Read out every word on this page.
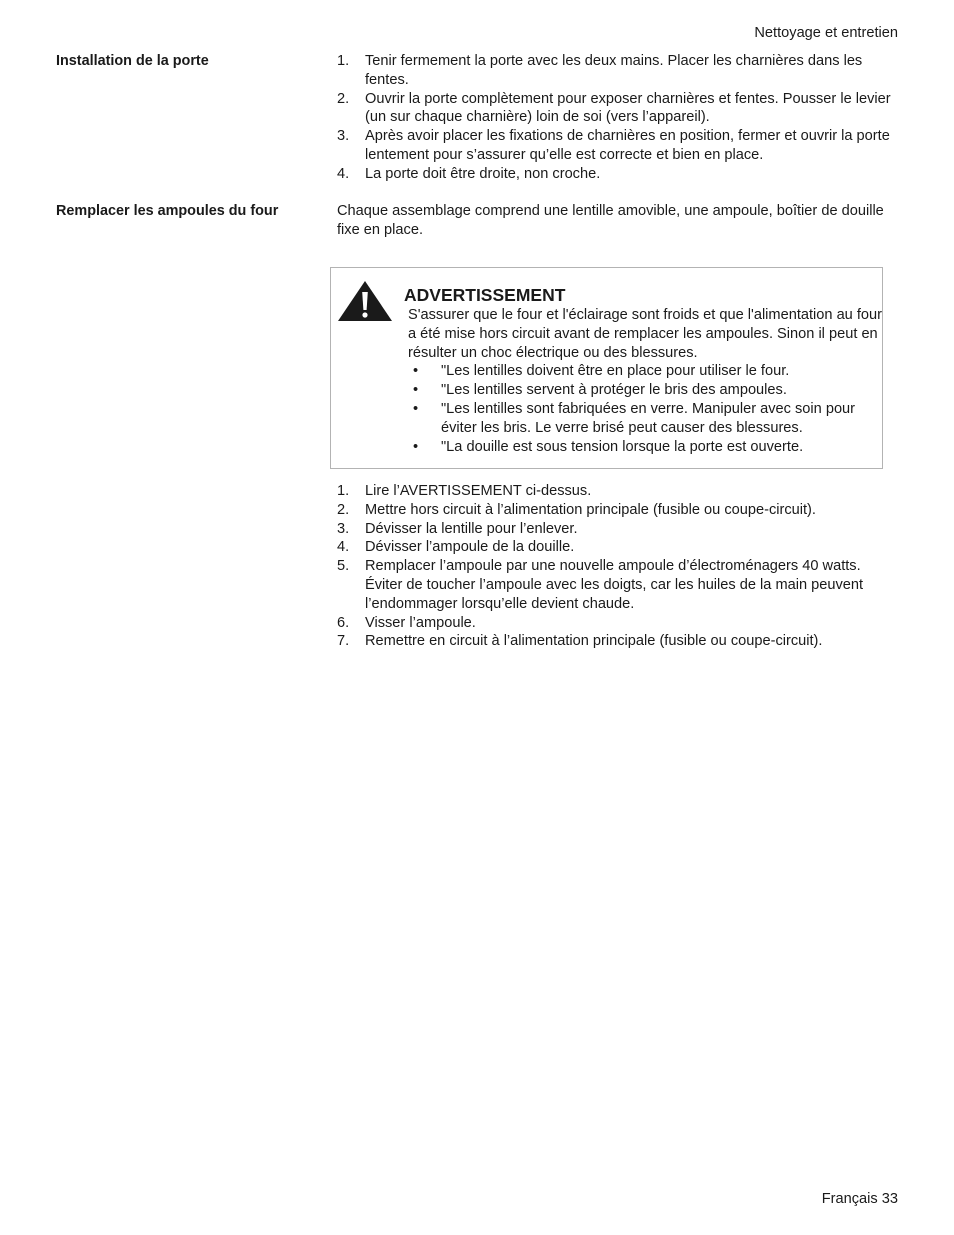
Nettoyage et entretien
Installation de la porte	1. Tenir fermement la porte avec les deux mains. Placer les charnières dans les fentes.
2. Ouvrir la porte complètement pour exposer charnières et fentes. Pousser le levier (un sur chaque charnière) loin de soi (vers l’appareil).
3. Après avoir placer les fixations de charnières en position, fermer et ouvrir la porte lentement pour s’assurer qu’elle est correcte et bien en place.
4. La porte doit être droite, non croche.
Remplacer les ampoules du four	Chaque assemblage comprend une lentille amovible, une ampoule, boîtier de douille fixe en place.

ADVERTISSEMENT

S'assurer que le four et l'éclairage sont froids et que l'alimentation au four a été mise hors circuit avant de remplacer les ampoules. Sinon il peut en résulter un choc électrique ou des blessures.

• "Les lentilles doivent être en place pour utiliser le four.
• "Les lentilles servent à protéger le bris des ampoules.
• "Les lentilles sont fabriquées en verre. Manipuler avec soin pour éviter les bris. Le verre brisé peut causer des blessures.
• "La douille est sous tension lorsque la porte est ouverte.
1. Lire l’AVERTISSEMENT ci-dessus.
2. Mettre hors circuit à l’alimentation principale (fusible ou coupe-circuit).
3. Dévisser la lentille pour l’enlever.
4. Dévisser l’ampoule de la douille.
5. Remplacer l’ampoule par une nouvelle ampoule d’électroménagers 40 watts. Éviter de toucher l’ampoule avec les doigts, car les huiles de la main peuvent l’endommager lorsqu’elle devient chaude.
6. Visser l’ampoule.
7. Remettre en circuit à l’alimentation principale (fusible ou coupe-circuit).
Français 33
